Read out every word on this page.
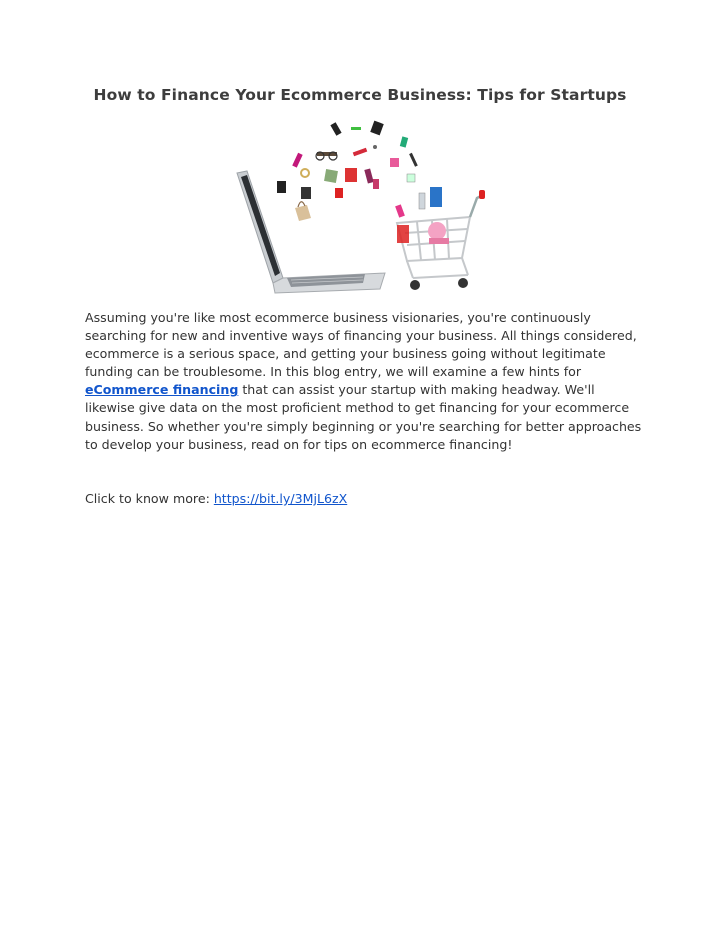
How to Finance Your Ecommerce Business: Tips for Startups

Assuming you're like most ecommerce business visionaries, you're continuously searching for new and inventive ways of financing your business. All things considered, ecommerce is a serious space, and getting your business going without legitimate funding can be troublesome. In this blog entry, we will examine a few hints for eCommerce financing that can assist your startup with making headway. We'll likewise give data on the most proficient method to get financing for your ecommerce business. So whether you're simply beginning or you're searching for better approaches to develop your business, read on for tips on ecommerce financing!

Click to know more: https://bit.ly/3MjL6zX
